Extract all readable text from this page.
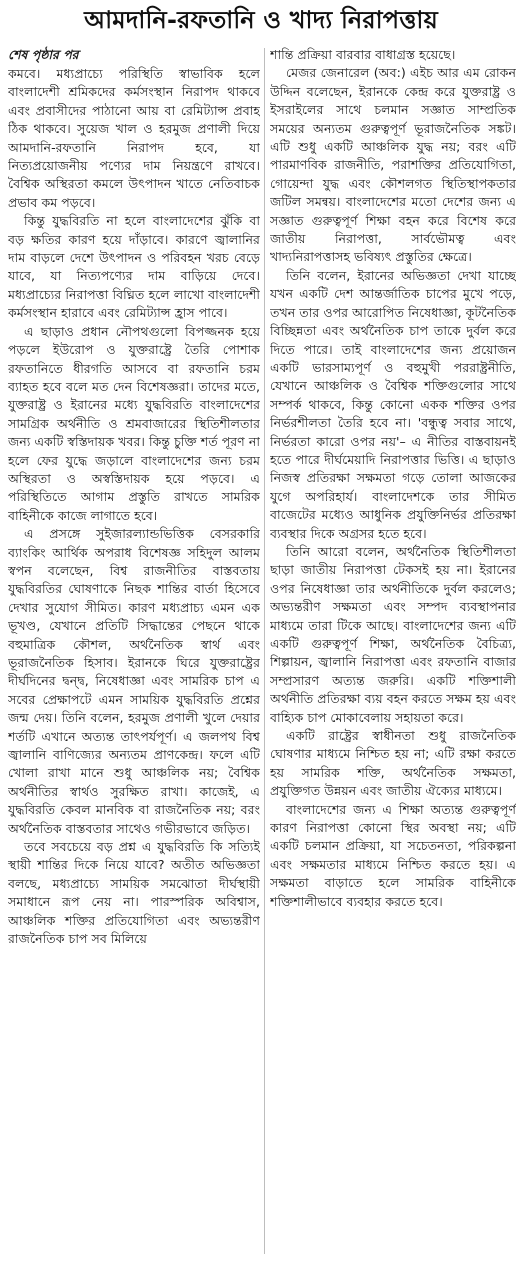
আমদানি-রফতানি ও খাদ্য নিরাপত্তায়
শেষ পৃষ্ঠার পর

কমবে। মধ্যপ্রাচ্যে পরিস্থিতি স্বাভাবিক হলে বাংলাদেশী শ্রমিকদের কর্মসংস্থান নিরাপদ থাকবে এবং প্রবাসীদের পাঠানো আয় বা রেমিট্যান্স প্রবাহ ঠিক থাকবে। সুয়েজ খাল ও হরমুজ প্রণালী দিয়ে আমদানি-রফতানি নিরাপদ হবে, যা নিত্যপ্রয়োজনীয় পণ্যের দাম নিয়ন্ত্রণে রাখবে। বৈশ্বিক অস্থিরতা কমলে উৎপাদন খাতে নেতিবাচক প্রভাব কম পড়বে।

কিন্তু যুদ্ধবিরতি না হলে বাংলাদেশের ঝুঁকি বা বড় ক্ষতির কারণ হয়ে দাঁড়াবে। কারণে জ্বালানির দাম বাড়লে দেশে উৎপাদন ও পরিবহন খরচ বেড়ে যাবে, যা নিত্যপণ্যের দাম বাড়িয়ে দেবে। মধ্যপ্রাচ্যের নিরাপত্তা বিঘ্নিত হলে লাখো বাংলাদেশী কর্মসংস্থান হারাবে এবং রেমিট্যান্স হ্রাস পাবে।

এ ছাড়াও প্রধান নৌপথগুলো বিপজ্জনক হয়ে পড়লে ইউরোপ ও যুক্তরাষ্ট্রে তৈরি পোশাক রফতানিতে ধীরগতি আসবে বা রফতানি চরম ব্যাহত হবে বলে মত দেন বিশেষজ্ঞরা। তাদের মতে, যুক্তরাষ্ট্র ও ইরানের মধ্যে যুদ্ধবিরতি বাংলাদেশের সামগ্রিক অর্থনীতি ও শ্রমবাজারের স্থিতিশীলতার জন্য একটি স্বস্তিদায়ক খবর। কিন্তু চুক্তি শর্ত পূরণ না হলে ফের যুদ্ধে জড়ালে বাংলাদেশের জন্য চরম অস্থিরতা ও অস্বস্তিদায়ক হয়ে পড়বে। এ পরিস্থিতিতে আগাম প্রস্তুতি রাখতে সামরিক বাহিনীকে কাজে লাগাতে হবে।

এ প্রসঙ্গে সুইজারল্যান্ডভিত্তিক বেসরকারি ব্যাংকিং আর্থিক অপরাধ বিশেষজ্ঞ সহিদুল আলম স্বপন বলেছেন, বিশ্ব রাজনীতির বাস্তবতায় যুদ্ধবিরতির ঘোষণাকে নিছক শান্তির বার্তা হিসেবে দেখার সুযোগ সীমিত। কারণ মধ্যপ্রাচ্য এমন এক ভূখণ্ড, যেখানে প্রতিটি সিদ্ধান্তের পেছনে থাকে বহুমাত্রিক কৌশল, অর্থনৈতিক স্বার্থ এবং ভূরাজনৈতিক হিসাব। ইরানকে ঘিরে যুক্তরাষ্ট্রের দীর্ঘদিনের দ্বন্দ্ব, নিষেধাজ্ঞা এবং সামরিক চাপ এ সবের প্রেক্ষাপটে এমন সাময়িক যুদ্ধবিরতি প্রশ্নের জন্ম দেয়। তিনি বলেন, হরমুজ প্রণালী খুলে দেয়ার শর্তটি এখানে অত্যন্ত তাৎপর্যপূর্ণ। এ জলপথ বিশ্ব জ্বালানি বাণিজ্যের অন্যতম প্রাণকেন্দ্র। ফলে এটি খোলা রাখা মানে শুধু আঞ্চলিক নয়; বৈশ্বিক অর্থনীতির স্বার্থও সুরক্ষিত রাখা। কাজেই, এ যুদ্ধবিরতি কেবল মানবিক বা রাজনৈতিক নয়; বরং অর্থনৈতিক বাস্তবতার সাথেও গভীরভাবে জড়িত।

তবে সবচেয়ে বড় প্রশ্ন এ যুদ্ধবিরতি কি সত্যিই স্থায়ী শান্তির দিকে নিয়ে যাবে? অতীত অভিজ্ঞতা বলছে, মধ্যপ্রাচ্যে সাময়িক সমঝোতা দীর্ঘস্থায়ী সমাধানে রূপ নেয় না। পারস্পরিক অবিশ্বাস, আঞ্চলিক শক্তির প্রতিযোগিতা এবং অভ্যন্তরীণ রাজনৈতিক চাপ সব মিলিয়ে

শান্তি প্রক্রিয়া বারবার বাধাগ্রস্ত হয়েছে।

মেজর জেনারেল (অব:) এইচ আর এম রোকন উদ্দিন বলেছেন, ইরানকে কেন্দ্র করে যুক্তরাষ্ট্র ও ইসরাইলের সাথে চলমান সজ্ঞাত সাম্প্রতিক সময়ের অন্যতম গুরুত্বপূর্ণ ভূরাজনৈতিক সঙ্কট। এটি শুধু একটি আঞ্চলিক যুদ্ধ নয়; বরং এটি পারমাণবিক রাজনীতি, পরাশক্তির প্রতিযোগিতা, গোয়েন্দা যুদ্ধ এবং কৌশলগত স্থিতিস্থাপকতার জটিল সমন্বয়। বাংলাদেশের মতো দেশের জন্য এ সজ্ঞাত গুরুত্বপূর্ণ শিক্ষা বহন করে বিশেষ করে জাতীয় নিরাপত্তা, সার্বভৌমত্ব এবং খাদ্যনিরাপত্তাসহ ভবিষ্যৎ প্রস্তুতির ক্ষেত্রে।

তিনি বলেন, ইরানের অভিজ্ঞতা দেখা যাচ্ছে যখন একটি দেশ আন্তর্জাতিক চাপের মুখে পড়ে, তখন তার ওপর আরোপিত নিষেধাজ্ঞা, কূটনৈতিক বিচ্ছিন্নতা এবং অর্থনৈতিক চাপ তাকে দুর্বল করে দিতে পারে। তাই বাংলাদেশের জন্য প্রয়োজন একটি ভারসাম্যপূর্ণ ও বহুমুখী পররাষ্ট্রনীতি, যেখানে আঞ্চলিক ও বৈশ্বিক শক্তিগুলোর সাথে সম্পর্ক থাকবে, কিন্তু কোনো একক শক্তির ওপর নির্ভরশীলতা তৈরি হবে না। 'বন্ধুত্ব সবার সাথে, নির্ভরতা কারো ওপর নয়'– এ নীতির বাস্তবায়নই হতে পারে দীর্ঘমেয়াদি নিরাপত্তার ভিত্তি। এ ছাড়াও নিজস্ব প্রতিরক্ষা সক্ষমতা গড়ে তোলা আজকের যুগে অপরিহার্য। বাংলাদেশকে তার সীমিত বাজেটের মধ্যেও আধুনিক প্রযুক্তিনির্ভর প্রতিরক্ষা ব্যবস্থার দিকে অগ্রসর হতে হবে।

তিনি আরো বলেন, অর্থনৈতিক স্থিতিশীলতা ছাড়া জাতীয় নিরাপত্তা টেকসই হয় না। ইরানের ওপর নিষেধাজ্ঞা তার অর্থনীতিকে দুর্বল করলেও; অভ্যন্তরীণ সক্ষমতা এবং সম্পদ ব্যবস্থাপনার মাধ্যমে তারা টিকে আছে। বাংলাদেশের জন্য এটি একটি গুরুত্বপূর্ণ শিক্ষা, অর্থনৈতিক বৈচিত্র্য, শিল্পায়ন, জ্বালানি নিরাপত্তা এবং রফতানি বাজার সম্প্রসারণ অত্যন্ত জরুরি। একটি শক্তিশালী অর্থনীতি প্রতিরক্ষা ব্যয় বহন করতে সক্ষম হয় এবং বাহ্যিক চাপ মোকাবেলায় সহায়তা করে।

একটি রাষ্ট্রের স্বাধীনতা শুধু রাজনৈতিক ঘোষণার মাধ্যমে নিশ্চিত হয় না; এটি রক্ষা করতে হয় সামরিক শক্তি, অর্থনৈতিক সক্ষমতা, প্রযুক্তিগত উন্নয়ন এবং জাতীয় ঐক্যের মাধ্যমে।

বাংলাদেশের জন্য এ শিক্ষা অত্যন্ত গুরুত্বপূর্ণ কারণ নিরাপত্তা কোনো স্থির অবস্থা নয়; এটি একটি চলমান প্রক্রিয়া, যা সচেতনতা, পরিকল্পনা এবং সক্ষমতার মাধ্যমে নিশ্চিত করতে হয়। এ সক্ষমতা বাড়াতে হলে সামরিক বাহিনীকে শক্তিশালীভাবে ব্যবহার করতে হবে।
